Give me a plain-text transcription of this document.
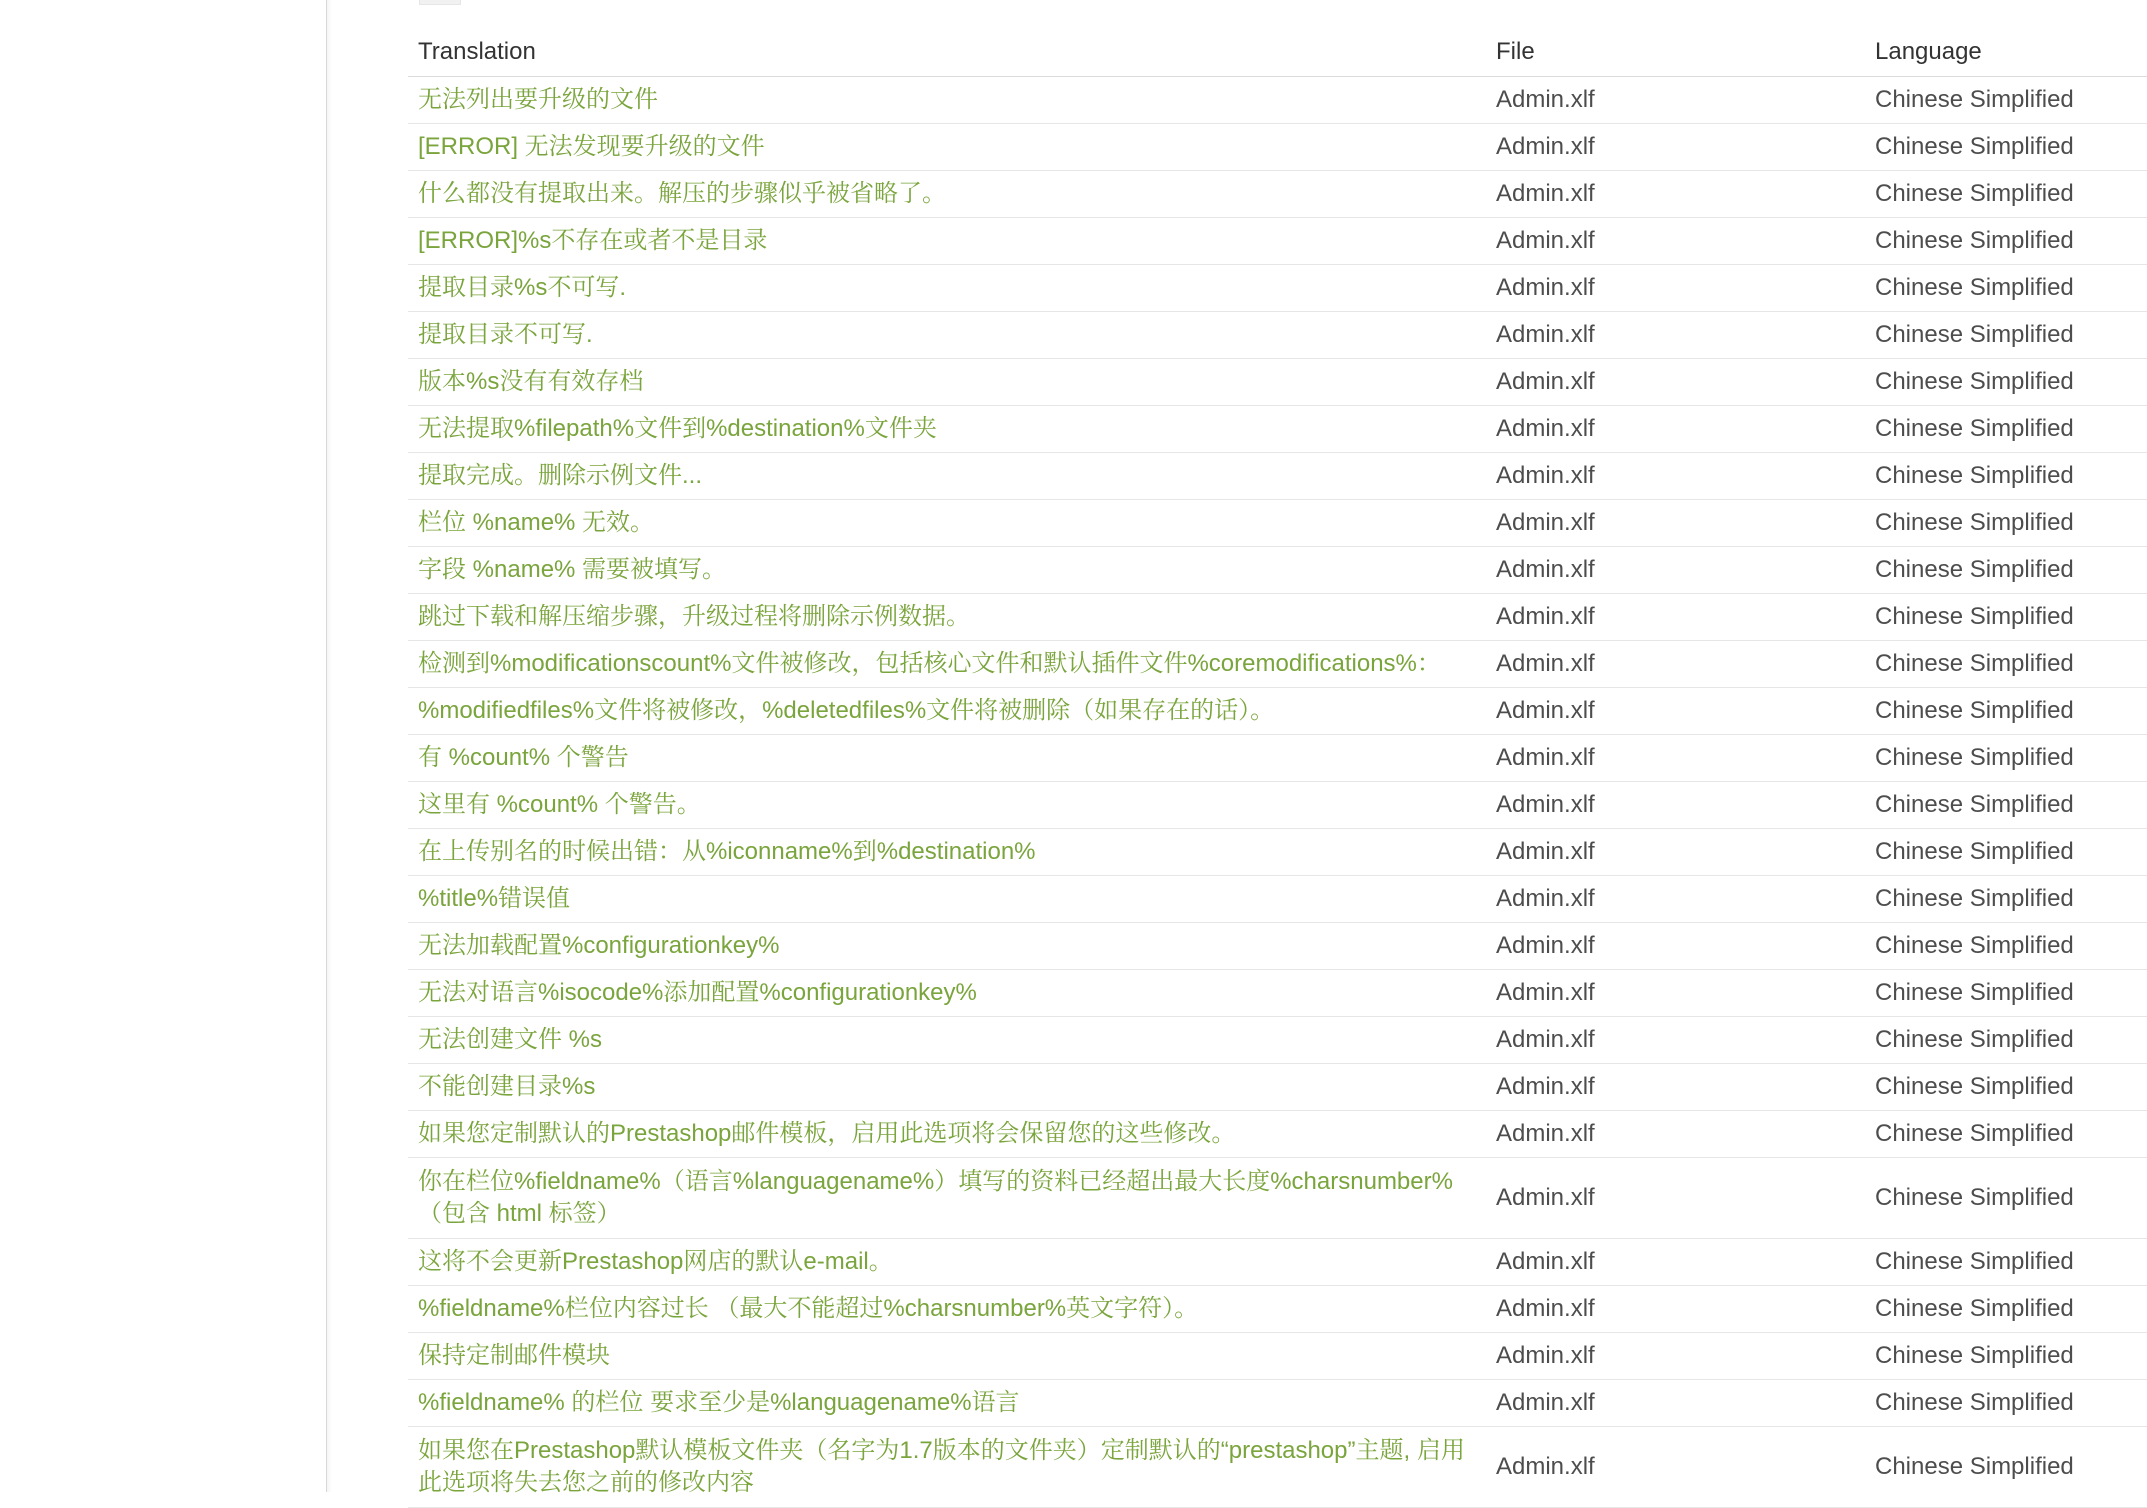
Translation	File	Language
无法列出要升级的文件	Admin.xlf	Chinese Simplified
[ERROR] 无法发现要升级的文件	Admin.xlf	Chinese Simplified
什么都没有提取出来。解压的步骤似乎被省略了。	Admin.xlf	Chinese Simplified
[ERROR]%s不存在或者不是目录	Admin.xlf	Chinese Simplified
提取目录%s不可写.	Admin.xlf	Chinese Simplified
提取目录不可写.	Admin.xlf	Chinese Simplified
版本%s没有有效存档	Admin.xlf	Chinese Simplified
无法提取%filepath%文件到%destination%文件夹	Admin.xlf	Chinese Simplified
提取完成。删除示例文件...	Admin.xlf	Chinese Simplified
栏位 %name% 无效。	Admin.xlf	Chinese Simplified
字段 %name% 需要被填写。	Admin.xlf	Chinese Simplified
跳过下载和解压缩步骤，升级过程将删除示例数据。	Admin.xlf	Chinese Simplified
检测到%modificationscount%文件被修改，包括核心文件和默认插件文件%coremodifications%：	Admin.xlf	Chinese Simplified
%modifiedfiles%文件将被修改，%deletedfiles%文件将被删除（如果存在的话）。	Admin.xlf	Chinese Simplified
有 %count% 个警告	Admin.xlf	Chinese Simplified
这里有 %count% 个警告。	Admin.xlf	Chinese Simplified
在上传别名的时候出错：从%iconname%到%destination%	Admin.xlf	Chinese Simplified
%title%错误值	Admin.xlf	Chinese Simplified
无法加载配置%configurationkey%	Admin.xlf	Chinese Simplified
无法对语言%isocode%添加配置%configurationkey%	Admin.xlf	Chinese Simplified
无法创建文件 %s	Admin.xlf	Chinese Simplified
不能创建目录%s	Admin.xlf	Chinese Simplified
如果您定制默认的Prestashop邮件模板，启用此选项将会保留您的这些修改。	Admin.xlf	Chinese Simplified
你在栏位%fieldname%（语言%languagename%）填写的资料已经超出最大长度%charsnumber%（包含 html 标签）	Admin.xlf	Chinese Simplified
这将不会更新Prestashop网店的默认e-mail。	Admin.xlf	Chinese Simplified
%fieldname%栏位内容过长 （最大不能超过%charsnumber%英文字符）。	Admin.xlf	Chinese Simplified
保持定制邮件模块	Admin.xlf	Chinese Simplified
%fieldname% 的栏位 要求至少是%languagename%语言	Admin.xlf	Chinese Simplified
如果您在Prestashop默认模板文件夹（名字为1.7版本的文件夹）定制默认的“prestashop”主题, 启用此选项将失去您之前的修改内容	Admin.xlf	Chinese Simplified
